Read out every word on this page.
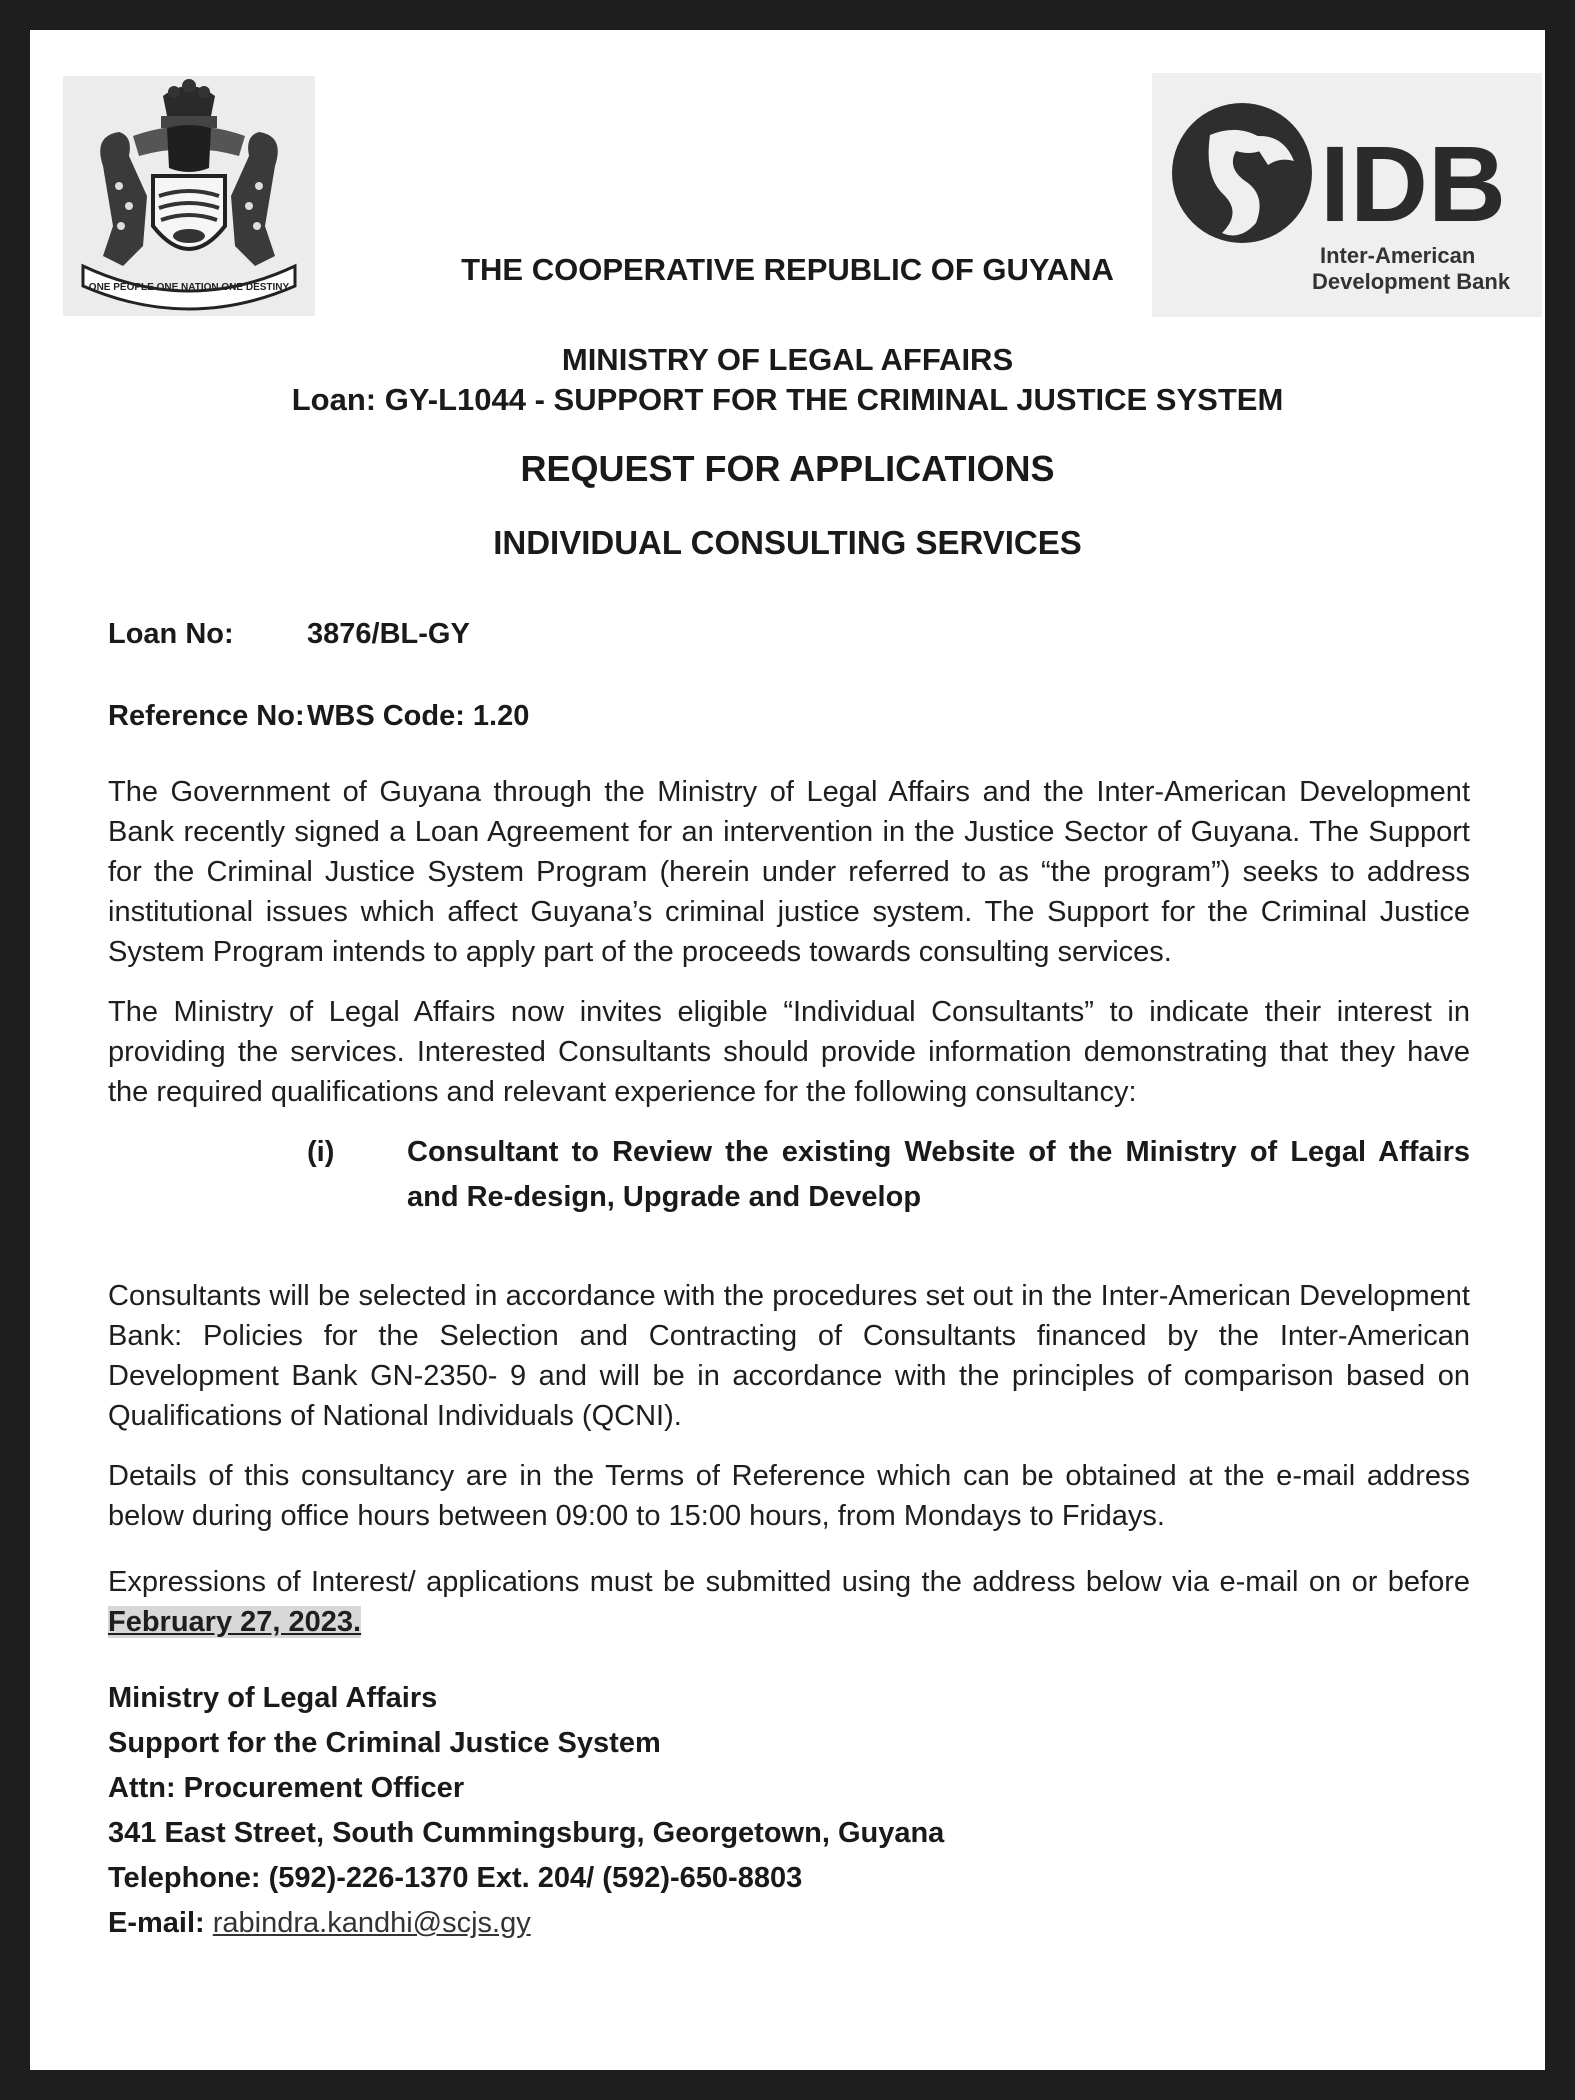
ONE PEOPLE ONE NATION ONE DESTINY
IDB
Inter-American
Development Bank
THE COOPERATIVE REPUBLIC OF GUYANA
MINISTRY OF LEGAL AFFAIRS
Loan: GY-L1044 - SUPPORT FOR THE CRIMINAL JUSTICE SYSTEM
REQUEST FOR APPLICATIONS
INDIVIDUAL CONSULTING SERVICES
Loan No:	3876/BL-GY
Reference No: WBS Code: 1.20
The Government of Guyana through the Ministry of Legal Affairs and the Inter-American Development Bank recently signed a Loan Agreement for an intervention in the Justice Sector of Guyana. The Support for the Criminal Justice System Program (herein under referred to as “the program”) seeks to address institutional issues which affect Guyana’s criminal justice system. The Support for the Criminal Justice System Program intends to apply part of the proceeds towards consulting services.
The Ministry of Legal Affairs now invites eligible “Individual Consultants” to indicate their interest in providing the services. Interested Consultants should provide information demonstrating that they have the required qualifications and relevant experience for the following consultancy:
(i)	Consultant to Review the existing Website of the Ministry of Legal Affairs and Re-design, Upgrade and Develop
Consultants will be selected in accordance with the procedures set out in the Inter-American Development Bank: Policies for the Selection and Contracting of Consultants financed by the Inter-American Development Bank GN-2350- 9 and will be in accordance with the principles of comparison based on Qualifications of National Individuals (QCNI).
Details of this consultancy are in the Terms of Reference which can be obtained at the e-mail address below during office hours between 09:00 to 15:00 hours, from Mondays to Fridays.
Expressions of Interest/ applications must be submitted using the address below via e-mail on or before February 27, 2023.
Ministry of Legal Affairs
Support for the Criminal Justice System
Attn: Procurement Officer
341 East Street, South Cummingsburg, Georgetown, Guyana
Telephone: (592)-226-1370 Ext. 204/ (592)-650-8803
E-mail: rabindra.kandhi@scjs.gy
